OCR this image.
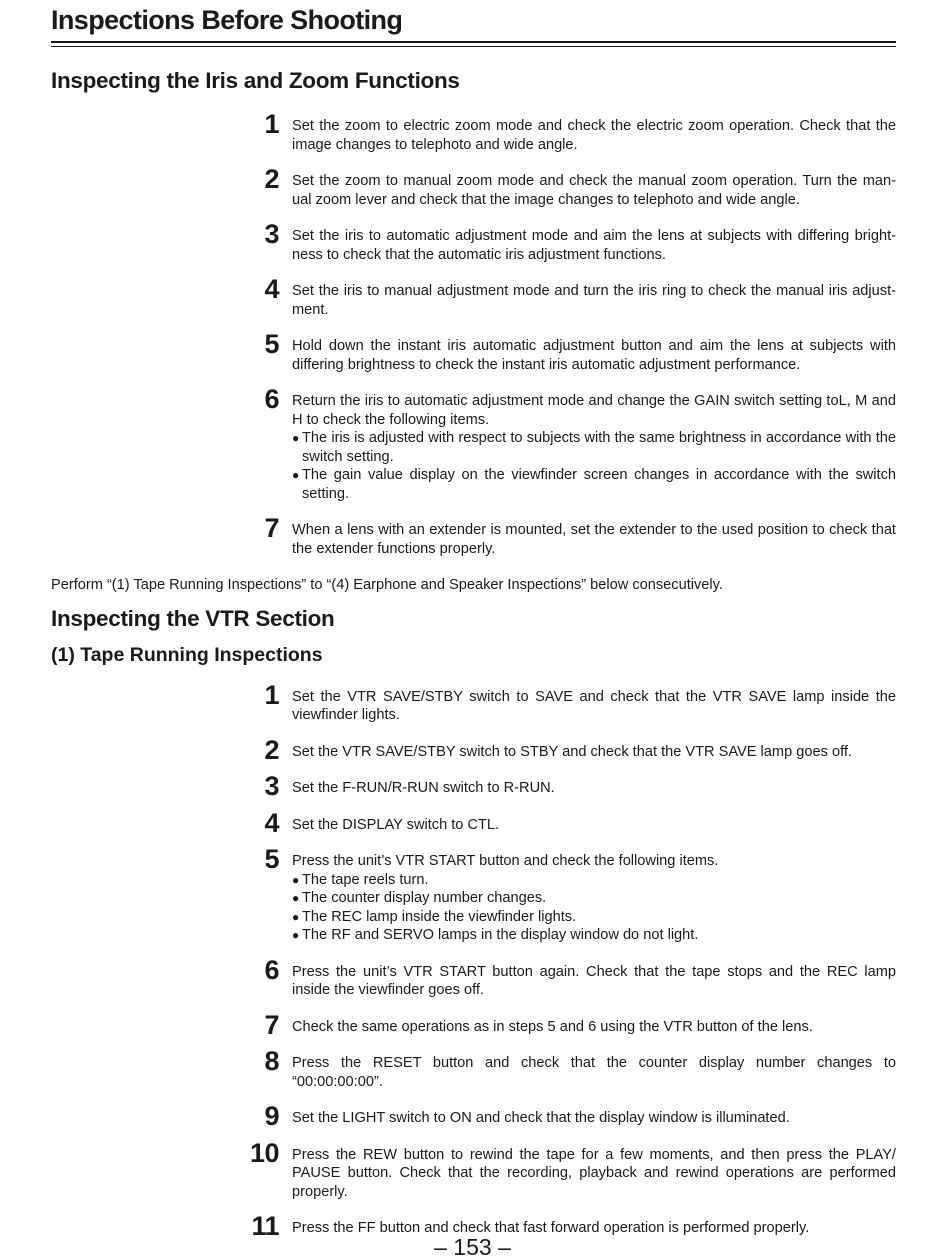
Inspections Before Shooting
Inspecting the Iris and Zoom Functions
1 Set the zoom to electric zoom mode and check the electric zoom operation. Check that the image changes to telephoto and wide angle.
2 Set the zoom to manual zoom mode and check the manual zoom operation. Turn the man-ual zoom lever and check that the image changes to telephoto and wide angle.
3 Set the iris to automatic adjustment mode and aim the lens at subjects with differing bright-ness to check that the automatic iris adjustment functions.
4 Set the iris to manual adjustment mode and turn the iris ring to check the manual iris adjust-ment.
5 Hold down the instant iris automatic adjustment button and aim the lens at subjects with differing brightness to check the instant iris automatic adjustment performance.
6 Return the iris to automatic adjustment mode and change the GAIN switch setting toL, M and H to check the following items.
● The iris is adjusted with respect to subjects with the same brightness in accordance with the switch setting.
● The gain value display on the viewfinder screen changes in accordance with the switch setting.
7 When a lens with an extender is mounted, set the extender to the used position to check that the extender functions properly.
Perform “(1) Tape Running Inspections” to “(4) Earphone and Speaker Inspections” below consecutively.
Inspecting the VTR Section
(1) Tape Running Inspections
1 Set the VTR SAVE/STBY switch to SAVE and check that the VTR SAVE lamp inside the viewfinder lights.
2 Set the VTR SAVE/STBY switch to STBY and check that the VTR SAVE lamp goes off.
3 Set the F-RUN/R-RUN switch to R-RUN.
4 Set the DISPLAY switch to CTL.
5 Press the unit’s VTR START button and check the following items.
● The tape reels turn.
● The counter display number changes.
● The REC lamp inside the viewfinder lights.
● The RF and SERVO lamps in the display window do not light.
6 Press the unit’s VTR START button again. Check that the tape stops and the REC lamp inside the viewfinder goes off.
7 Check the same operations as in steps 5 and 6 using the VTR button of the lens.
8 Press the RESET button and check that the counter display number changes to “00:00:00:00”.
9 Set the LIGHT switch to ON and check that the display window is illuminated.
10 Press the REW button to rewind the tape for a few moments, and then press the PLAY/ PAUSE button. Check that the recording, playback and rewind operations are performed properly.
11 Press the FF button and check that fast forward operation is performed properly.
– 153 –
